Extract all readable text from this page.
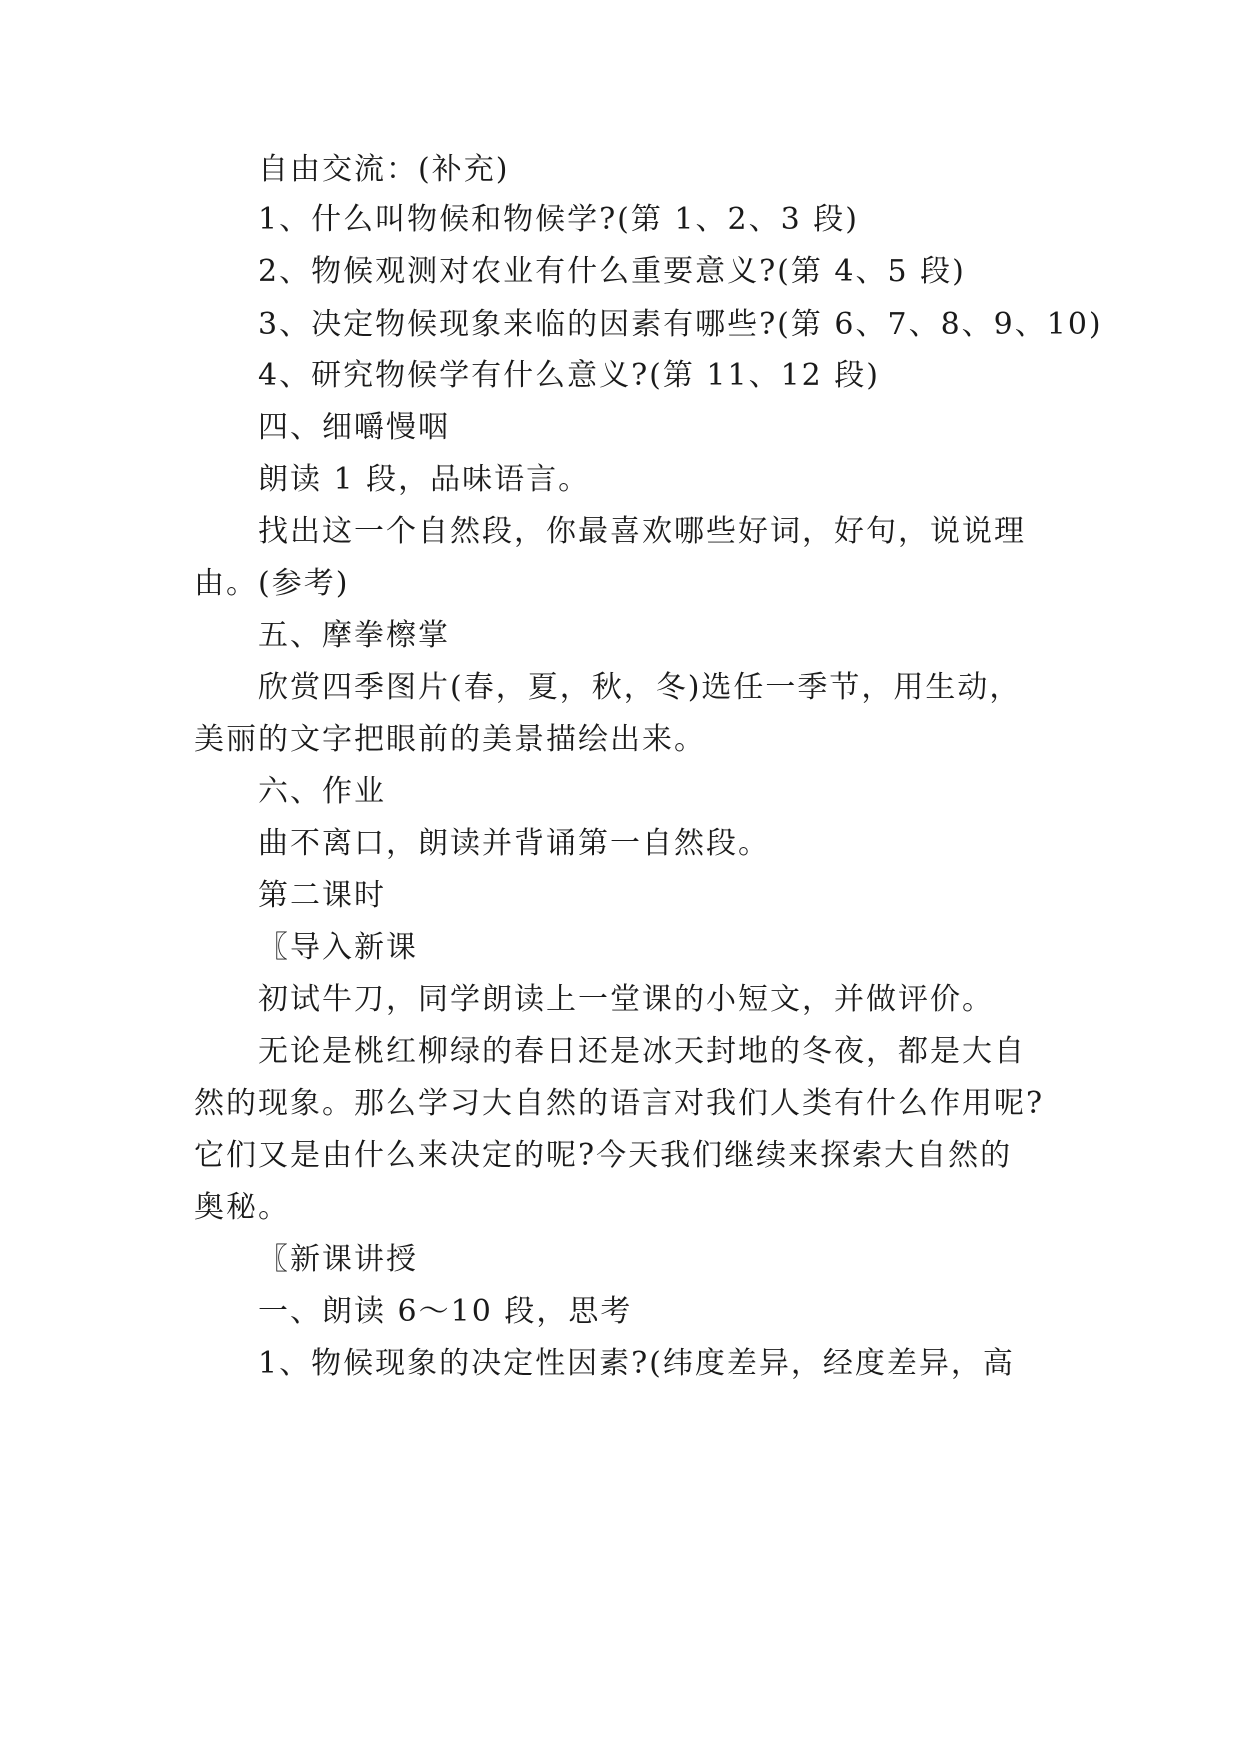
自由交流：(补充)
1、什么叫物候和物候学?(第 1、2、3 段)
2、物候观测对农业有什么重要意义?(第 4、5 段)
3、决定物候现象来临的因素有哪些?(第 6、7、8、9、10)
4、研究物候学有什么意义?(第 11、12 段)
四、细嚼慢咽
朗读 1 段，品味语言。
找出这一个自然段，你最喜欢哪些好词，好句，说说理
由。(参考)
五、摩拳檫掌
欣赏四季图片(春，夏，秋，冬)选任一季节，用生动，
美丽的文字把眼前的美景描绘出来。
六、作业
曲不离口，朗读并背诵第一自然段。
第二课时
〖导入新课
初试牛刀，同学朗读上一堂课的小短文，并做评价。
无论是桃红柳绿的春日还是冰天封地的冬夜，都是大自
然的现象。那么学习大自然的语言对我们人类有什么作用呢?
它们又是由什么来决定的呢?今天我们继续来探索大自然的
奥秘。
〖新课讲授
一、朗读 6～10 段，思考
1、物候现象的决定性因素?(纬度差异，经度差异，高
